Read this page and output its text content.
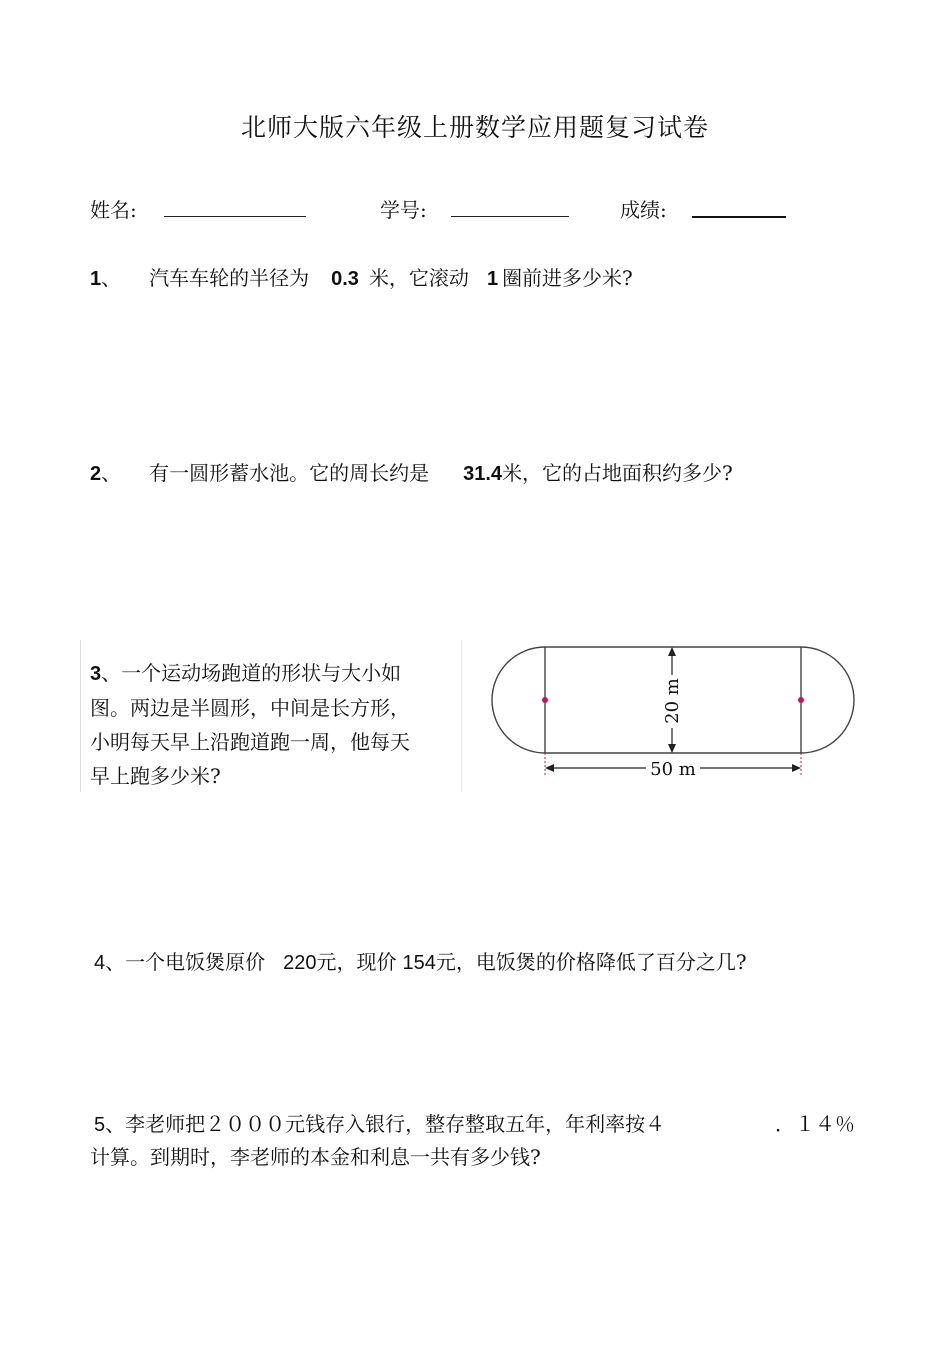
北师大版六年级上册数学应用题复习试卷
姓名:	学号:	成绩:
1、 汽车车轮的半径为 0.3 米，它滚动 1 圈前进多少米?
2、 有一圆形蓄水池。它的周长约是 31.4米，它的占地面积约多少?
3、一个运动场跑道的形状与大小如
图。两边是半圆形，中间是长方形，
小明每天早上沿跑道跑一周，他每天
早上跑多少米?
20 m
50 m
4、一个电饭煲原价 220元，现价 154元，电饭煲的价格降低了百分之几?
5、李老师把２０００元钱存入银行，整存整取五年，年利率按４	．１４％
计算。到期时，李老师的本金和利息一共有多少钱?
